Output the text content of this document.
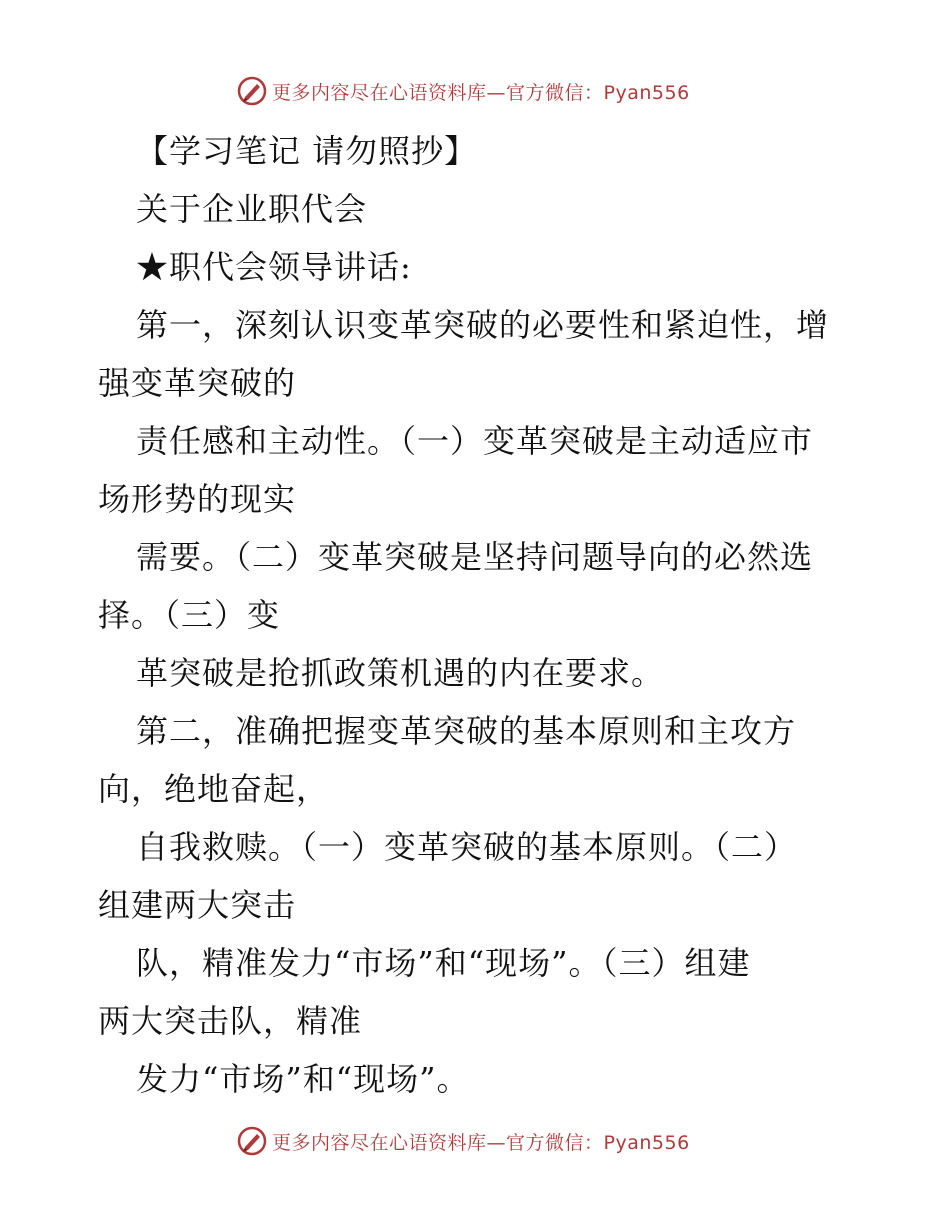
更多内容尽在心语资料库—官方微信：Pyan556
【学习笔记 请勿照抄】
关于企业职代会
★职代会领导讲话:
第一，深刻认识变革突破的必要性和紧迫性，增
强变革突破的
责任感和主动性。（一）变革突破是主动适应市
场形势的现实
需要。（二）变革突破是坚持问题导向的必然选
择。（三）变
革突破是抢抓政策机遇的内在要求。
第二，准确把握变革突破的基本原则和主攻方
向，绝地奋起，
自我救赎。（一）变革突破的基本原则。（二）
组建两大突击
队，精准发力“市场”和“现场”。（三）组建
两大突击队，精准
发力“市场”和“现场”。
更多内容尽在心语资料库—官方微信：Pyan556
